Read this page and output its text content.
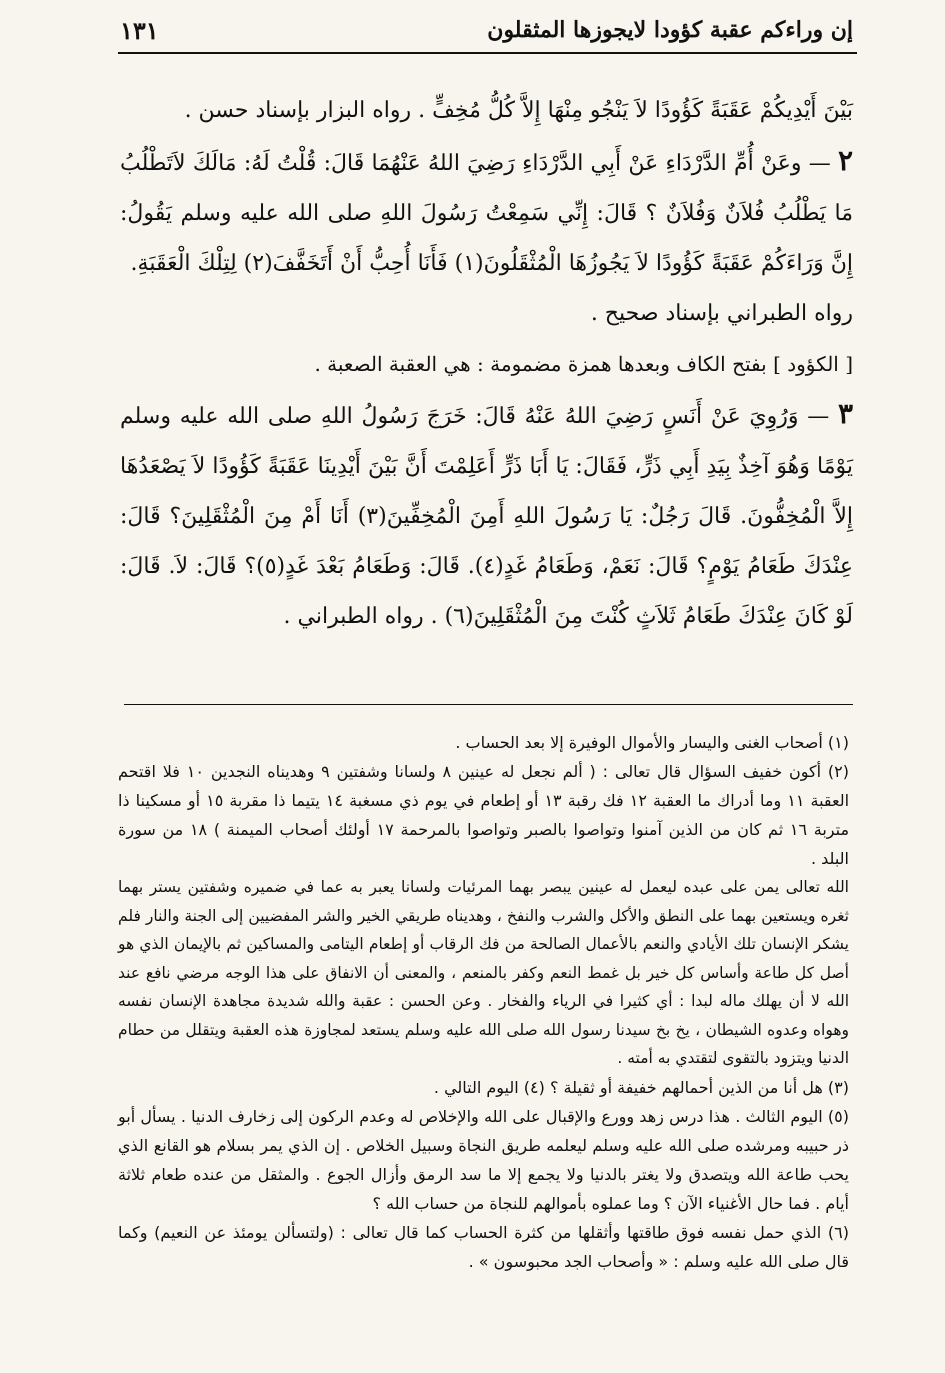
إن وراءكم عقبة كؤودا لايجوزها المثقلون
١٣١

بَيْنَ أَيْدِيكُمْ عَقَبَةً كَؤُودًا لاَ يَنْجُو مِنْهَا إِلاَّ كُلُّ مُخِفٍّ . رواه البزار بإسناد حسن .

٢ — وعَنْ أُمِّ الدَّرْدَاءِ عَنْ أَبِي الدَّرْدَاءِ رَضِيَ اللهُ عَنْهُمَا قَالَ: قُلْتُ لَهُ: مَالَكَ لاَتَطْلُبُ مَا يَطْلُبُ فُلاَنٌ وَفُلاَنٌ ؟ قَالَ: إِنِّي سَمِعْتُ رَسُولَ اللهِ صلى الله عليه وسلم يَقُولُ: إِنَّ وَرَاءَكُمْ عَقَبَةً كَؤُودًا لاَ يَجُوزُهَا الْمُثْقَلُونَ(١) فَأَنَا أُحِبُّ أَنْ أَتَخَفَّفَ(٢) لِتِلْكَ الْعَقَبَةِ.

رواه الطبراني بإسناد صحيح .

[ الكؤود ] بفتح الكاف وبعدها همزة مضمومة : هي العقبة الصعبة .

٣ — وَرُوِيَ عَنْ أَنَسٍ رَضِيَ اللهُ عَنْهُ قَالَ: خَرَجَ رَسُولُ اللهِ صلى الله عليه وسلم يَوْمًا وَهُوَ آخِذٌ بِيَدِ أَبِي ذَرٍّ، فَقَالَ: يَا أَبَا ذَرٍّ أَعَلِمْتَ أَنَّ بَيْنَ أَيْدِينَا عَقَبَةً كَؤُودًا لاَ يَصْعَدُهَا إِلاَّ الْمُخِفُّونَ. قَالَ رَجُلٌ: يَا رَسُولَ اللهِ أَمِنَ الْمُخِفِّينَ(٣) أَنَا أَمْ مِنَ الْمُثْقَلِينَ؟ قَالَ: عِنْدَكَ طَعَامُ يَوْمٍ؟ قَالَ: نَعَمْ، وَطَعَامُ غَدٍ(٤). قَالَ: وَطَعَامُ بَعْدَ غَدٍ(٥)؟ قَالَ: لاَ. قَالَ: لَوْ كَانَ عِنْدَكَ طَعَامُ ثَلاَثٍ كُنْتَ مِنَ الْمُثْقَلِينَ(٦) . رواه الطبراني .

(١) أصحاب الغنى واليسار والأموال الوفيرة إلا بعد الحساب .

(٢) أكون خفيف السؤال قال تعالى : ( ألم نجعل له عينين ٨ ولسانا وشفتين ٩ وهديناه النجدين ١٠ فلا اقتحم العقبة ١١ وما أدراك ما العقبة ١٢ فك رقبة ١٣ أو إطعام في يوم ذي مسغبة ١٤ يتيما ذا مقربة ١٥ أو مسكينا ذا متربة ١٦ ثم كان من الذين آمنوا وتواصوا بالصبر وتواصوا بالمرحمة ١٧ أولئك أصحاب الميمنة ) ١٨ من سورة البلد .

الله تعالى يمن على عبده ليعمل له عينين يبصر بهما المرئيات ولسانا يعبر به عما في ضميره وشفتين يستر بهما ثغره ويستعين بهما على النطق والأكل والشرب والنفخ ، وهديناه طريقي الخير والشر المفضيين إلى الجنة والنار فلم يشكر الإنسان تلك الأيادي والنعم بالأعمال الصالحة من فك الرقاب أو إطعام اليتامى والمساكين ثم بالإيمان الذي هو أصل كل طاعة وأساس كل خير بل غمط النعم وكفر بالمنعم ، والمعنى أن الانفاق على هذا الوجه مرضي نافع عند الله لا أن يهلك ماله لبدا : أي كثيرا في الرياء والفخار . وعن الحسن : عقبة والله شديدة مجاهدة الإنسان نفسه وهواه وعدوه الشيطان ، يخ بخ سيدنا رسول الله صلى الله عليه وسلم يستعد لمجاوزة هذه العقبة ويتقلل من حطام الدنيا ويتزود بالتقوى لتقتدي به أمته .

(٣) هل أنا من الذين أحمالهم خفيفة أو ثقيلة ؟ (٤) اليوم التالي .

(٥) اليوم الثالث . هذا درس زهد وورع والإقبال على الله والإخلاص له وعدم الركون إلى زخارف الدنيا . يسأل أبو ذر حبيبه ومرشده صلى الله عليه وسلم ليعلمه طريق النجاة وسبيل الخلاص . إن الذي يمر بسلام هو القانع الذي يحب طاعة الله ويتصدق ولا يغتر بالدنيا ولا يجمع إلا ما سد الرمق وأزال الجوع . والمثقل من عنده طعام ثلاثة أيام . فما حال الأغنياء الآن ؟ وما عملوه بأموالهم للنجاة من حساب الله ؟

(٦) الذي حمل نفسه فوق طاقتها وأثقلها من كثرة الحساب كما قال تعالى : (ولتسألن يومئذ عن النعيم) وكما قال صلى الله عليه وسلم : « وأصحاب الجد محبوسون » .
